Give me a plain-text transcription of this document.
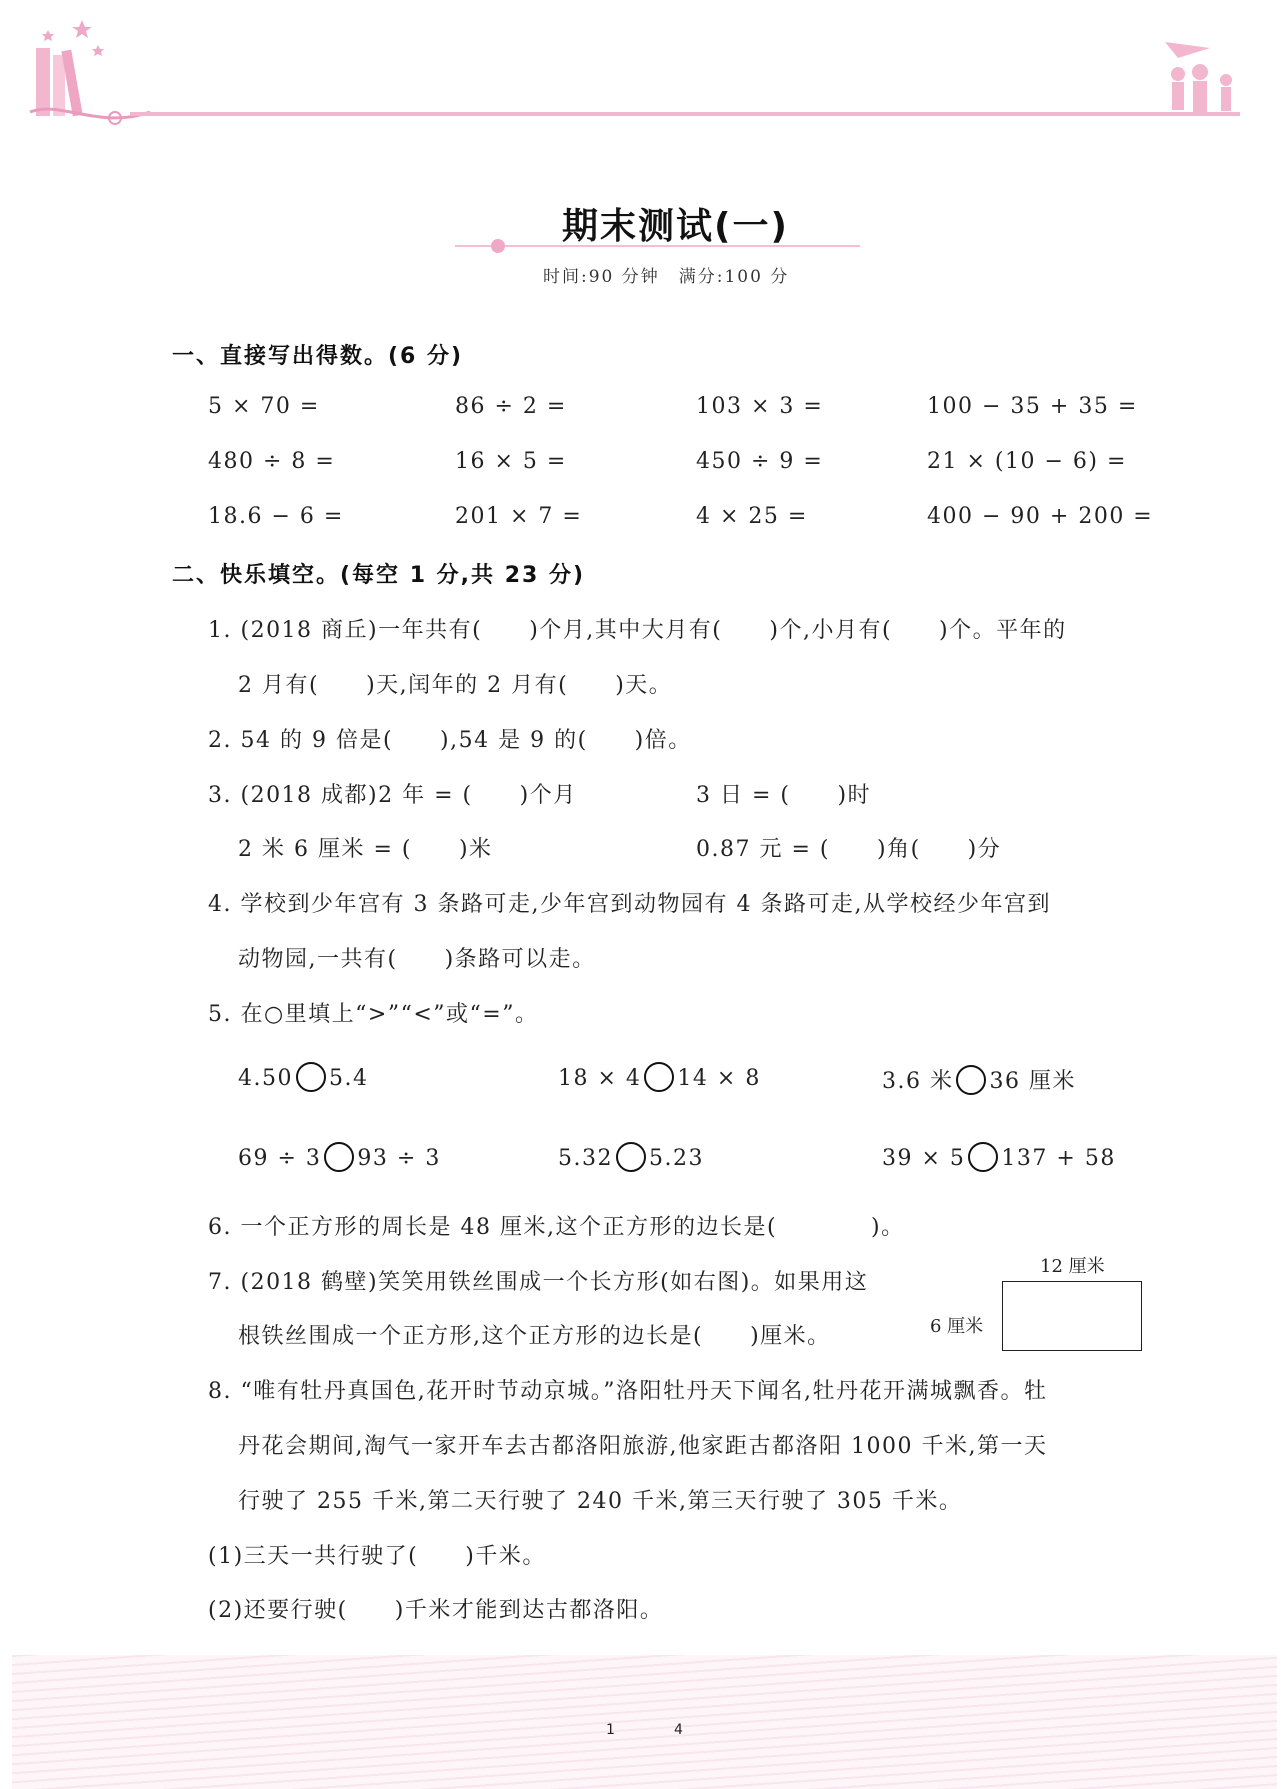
期末测试(一)
时间:90 分钟　满分:100 分
一、直接写出得数。(6 分)
5 × 70 =	86 ÷ 2 =	103 × 3 =	100 − 35 + 35 =
480 ÷ 8 =	16 × 5 =	450 ÷ 9 =	21 × (10 − 6) =
18.6 − 6 =	201 × 7 =	4 × 25 =	400 − 90 + 200 =
二、快乐填空。(每空 1 分,共 23 分)
1. (2018 商丘)一年共有(　　)个月,其中大月有(　　)个,小月有(　　)个。平年的
2 月有(　　)天,闰年的 2 月有(　　)天。
2. 54 的 9 倍是(　　),54 是 9 的(　　)倍。
3. (2018 成都)2 年 = (　　)个月	3 日 = (　　)时
2 米 6 厘米 = (　　)米	0.87 元 = (　　)角(　　)分
4. 学校到少年宫有 3 条路可走,少年宫到动物园有 4 条路可走,从学校经少年宫到
动物园,一共有(　　)条路可以走。
5. 在○里填上“>”“<”或“=”。
4.50 5.4	18 × 4 14 × 8	3.6 米 36 厘米
69 ÷ 3 93 ÷ 3	5.32 5.23	39 × 5 137 + 58
6. 一个正方形的周长是 48 厘米,这个正方形的边长是(　　　　)。
7. (2018 鹤壁)笑笑用铁丝围成一个长方形(如右图)。如果用这
根铁丝围成一个正方形,这个正方形的边长是(　　)厘米。
12 厘米
6 厘米
8. “唯有牡丹真国色,花开时节动京城。”洛阳牡丹天下闻名,牡丹花开满城飘香。牡
丹花会期间,淘气一家开车去古都洛阳旅游,他家距古都洛阳 1000 千米,第一天
行驶了 255 千米,第二天行驶了 240 千米,第三天行驶了 305 千米。
(1)三天一共行驶了(　　)千米。
(2)还要行驶(　　)千米才能到达古都洛阳。
1	4
